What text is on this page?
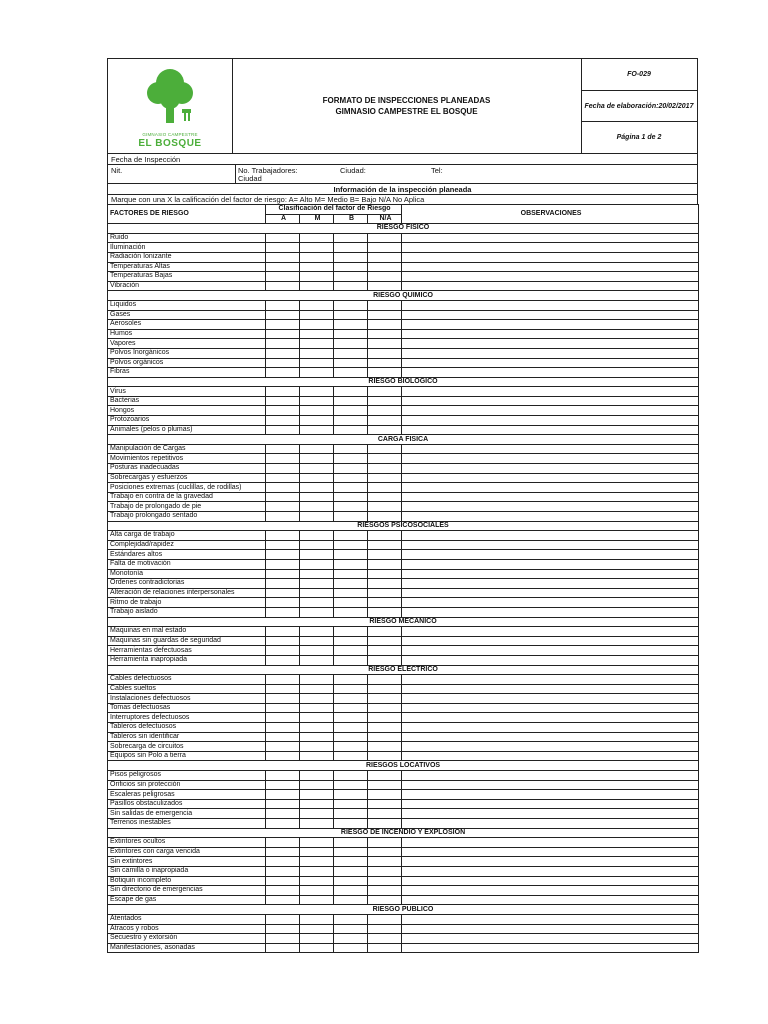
GIMNASIO CAMPESTRE
EL BOSQUE
FORMATO DE INSPECCIONES PLANEADAS
GIMNASIO CAMPESTRE EL BOSQUE
FO-029
Fecha de elaboración: 20/02/2017
Página 1 de 2
Fecha de Inspección
Nit.	No. Trabajadores:	Ciudad:	Tel:
Ciudad
Información de la inspección planeada
Marque con una X la calificación del factor de riesgo: A= Alto M= Medio B= Bajo N/A No Aplica
FACTORES DE RIESGO	Clasificación del factor de Riesgo				OBSERVACIONES
	A	M	B	N/A	
RIESGO FISICO					
Ruido					
Iluminación					
Radiación Ionizante					
Temperaturas Altas					
Temperaturas Bajas					
Vibración					
RIESGO QUIMICO					
Liquidos					
Gases					
Aerosoles					
Humos					
Vapores					
Polvos Inorgánicos					
Polvos orgánicos					
Fibras					
RIESGO BIOLOGICO					
Virus					
Bacterias					
Hongos					
Protozoarios					
Animales (pelos o plumas)					
CARGA FISICA					
Manipulación de Cargas					
Movimientos repetitivos					
Posturas inadecuadas					
Sobrecargas y esfuerzos					
Posiciones extremas (cuclillas, de rodillas)					
Trabajo en contra de la gravedad					
Trabajo de prolongado de pie					
Trabajo prolongado sentado					
RIESGOS PSICOSOCIALES					
Alta carga de trabajo					
Complejidad/rapidez					
Estándares altos					
Falta de motivación					
Monotonía					
Ordenes contradictorias					
Alteración de relaciones interpersonales					
Ritmo de trabajo					
Trabajo aislado					
RIESGO MECANICO					
Maquinas en mal estado					
Maquinas sin guardas de seguridad					
Herramientas defectuosas					
Herramienta inapropiada					
RIESGO ELECTRICO					
Cables defectuosos					
Cables sueltos					
Instalaciones defectuosos					
Tomas defectuosas					
Interruptores defectuosos					
Tableros defectuosos					
Tableros sin identificar					
Sobrecarga de circuitos					
Equipos sin Polo a tierra					
RIESGOS LOCATIVOS					
Pisos peligrosos					
Orificios sin protección					
Escaleras peligrosas					
Pasillos obstaculizados					
Sin salidas de emergencia					
Terrenos inestables					
RIESGO DE INCENDIO Y EXPLOSION					
Extintores ocultos					
Extintores con carga vencida					
Sin extintores					
Sin camilla o inapropiada					
Botiquin incompleto					
Sin directorio de emergencias					
Escape de gas					
RIESGO PUBLICO					
Atentados					
Atracos y robos					
Secuestro y extorsión					
Manifestaciones, asonadas					
